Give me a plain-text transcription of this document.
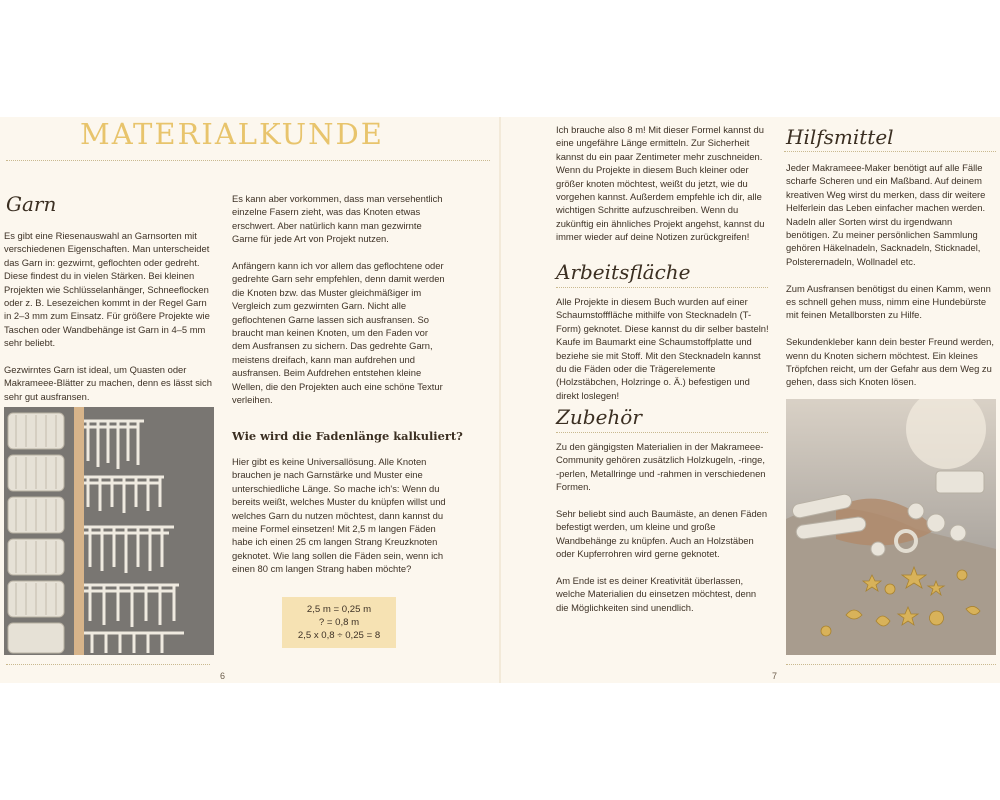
MATERIALKUNDE
Garn

Es gibt eine Riesenauswahl an Garnsorten mit verschiedenen Eigenschaften. Man unterscheidet das Garn in: gezwirnt, geflochten oder gedreht. Diese findest du in vielen Stärken. Bei kleinen Projekten wie Schlüsselanhänger, Schneeflocken oder z. B. Lesezeichen kommt in der Regel Garn in 2–3 mm zum Einsatz. Für größere Projekte wie Taschen oder Wandbehänge ist Garn in 4–5 mm sehr beliebt.

Gezwirntes Garn ist ideal, um Quasten oder Makrameee-Blätter zu machen, denn es lässt sich sehr gut ausfransen.

Es kann aber vorkommen, dass man versehentlich einzelne Fasern zieht, was das Knoten etwas erschwert. Aber natürlich kann man gezwirnte Garne für jede Art von Projekt nutzen.

Anfängern kann ich vor allem das geflochtene oder gedrehte Garn sehr empfehlen, denn damit werden die Knoten bzw. das Muster gleichmäßiger im Vergleich zum gezwirnten Garn. Nicht alle geflochtenen Garne lassen sich ausfransen. So braucht man keinen Knoten, um den Faden vor dem Ausfransen zu sichern. Das gedrehte Garn, meistens dreifach, kann man aufdrehen und ausfransen. Beim Aufdrehen entstehen kleine Wellen, die den Projekten auch eine schöne Textur verleihen.

Wie wird die Fadenlänge kalkuliert?

Hier gibt es keine Universallösung. Alle Knoten brauchen je nach Garnstärke und Muster eine unterschiedliche Länge. So mache ich's: Wenn du bereits weißt, welches Muster du knüpfen willst und welches Garn du nutzen möchtest, dann kannst du meine Formel einsetzen! Mit 2,5 m langen Fäden habe ich einen 25 cm langen Strang Kreuzknoten geknotet. Wie lang sollen die Fäden sein, wenn ich einen 80 cm langen Strang haben möchte?

2,5 m = 0,25 m
? = 0,8 m
2,5 x 0,8 ÷ 0,25 = 8
6

Ich brauche also 8 m! Mit dieser Formel kannst du eine ungefähre Länge ermitteln. Zur Sicherheit kannst du ein paar Zentimeter mehr zuschneiden. Wenn du Projekte in diesem Buch kleiner oder größer knoten möchtest, weißt du jetzt, wie du vorgehen kannst. Außerdem empfehle ich dir, alle wichtigen Schritte aufzuschreiben. Wenn du zukünftig ein ähnliches Projekt angehst, kannst du immer wieder auf deine Notizen zurückgreifen!

Arbeitsfläche

Alle Projekte in diesem Buch wurden auf einer Schaumstofffläche mithilfe von Stecknadeln (T-Form) geknotet. Diese kannst du dir selber basteln! Kaufe im Baumarkt eine Schaumstoffplatte und beziehe sie mit Stoff. Mit den Stecknadeln kannst du die Fäden oder die Trägerelemente (Holzstäbchen, Holzringe o. Ä.) befestigen und direkt loslegen!

Zubehör

Zu den gängigsten Materialien in der Makrameee-Community gehören zusätzlich Holzkugeln, -ringe, -perlen, Metallringe und -rahmen in verschiedenen Formen.

Sehr beliebt sind auch Baumäste, an denen Fäden befestigt werden, um kleine und große Wandbehänge zu knüpfen. Auch an Holzstäben oder Kupferrohren wird gerne geknotet.

Am Ende ist es deiner Kreativität überlassen, welche Materialien du einsetzen möchtest, denn die Möglichkeiten sind unendlich.

Hilfsmittel

Jeder Makrameee-Maker benötigt auf alle Fälle scharfe Scheren und ein Maßband. Auf deinem kreativen Weg wirst du merken, dass dir weitere Helferlein das Leben einfacher machen werden. Nadeln aller Sorten wirst du irgendwann benötigen. Zu meiner persönlichen Sammlung gehören Häkelnadeln, Sacknadeln, Sticknadel, Polsterernadeln, Wollnadel etc.

Zum Ausfransen benötigst du einen Kamm, wenn es schnell gehen muss, nimm eine Hundebürste mit feinen Metallborsten zu Hilfe.

Sekundenkleber kann dein bester Freund werden, wenn du Knoten sichern möchtest. Ein kleines Tröpfchen reicht, um der Gefahr aus dem Weg zu gehen, dass sich Knoten lösen.

7
